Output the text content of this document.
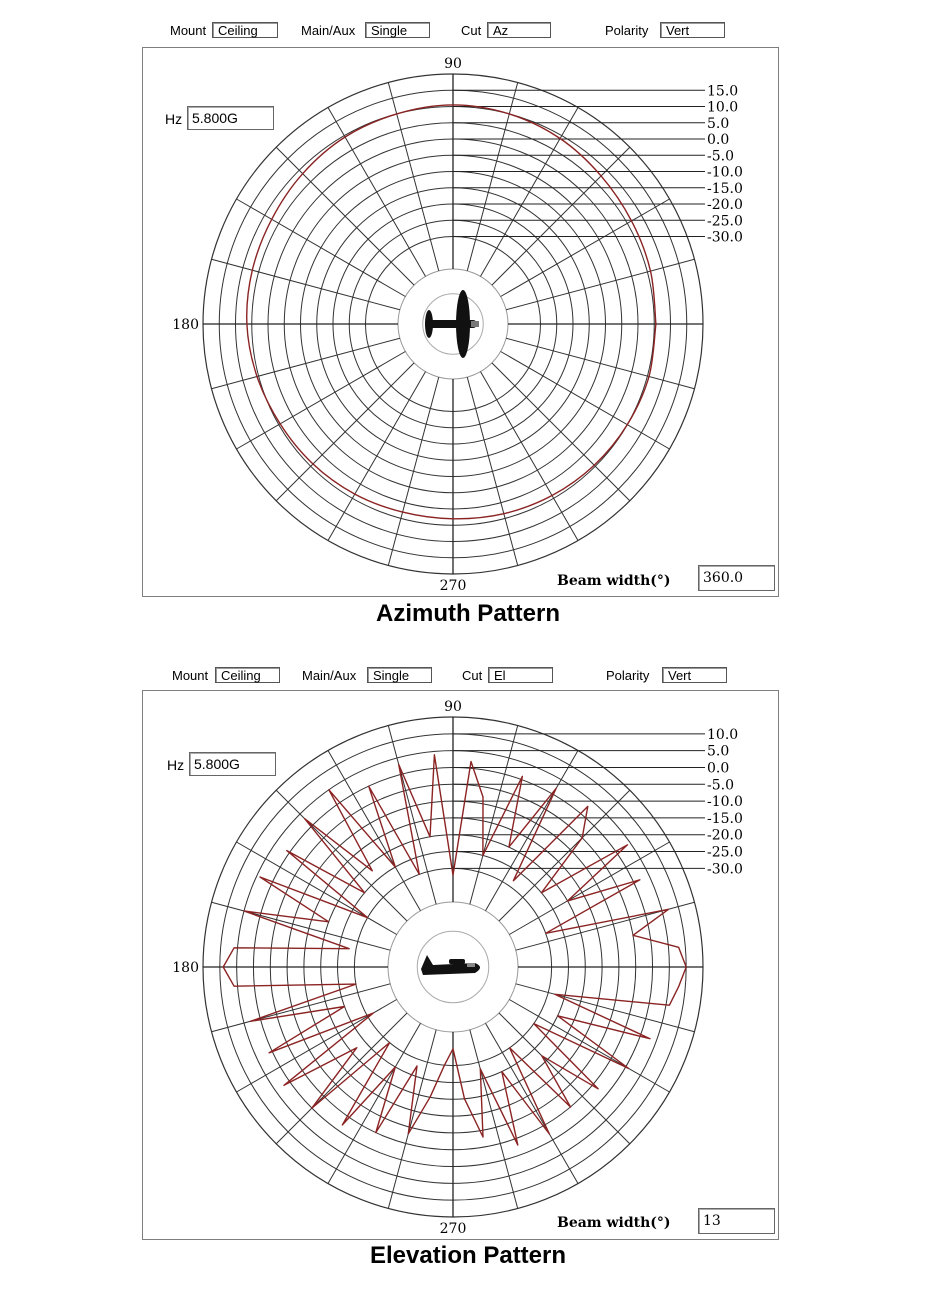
Mount Ceiling	Main/Aux	Single	Cut Az	Polarity	Vert
15.0
10.0
5.0
0.0
-5.0
-10.0
-15.0
-20.0
-25.0
-30.0
90
180
270
Hz 5.800G
Beam width(°)	360.0
Azimuth Pattern
Mount Ceiling	Main/Aux	Single	Cut El	Polarity	Vert
10.0
5.0
0.0
-5.0
-10.0
-15.0
-20.0
-25.0
-30.0
90
180
270
Hz 5.800G
Beam width(°)	13
Elevation Pattern
